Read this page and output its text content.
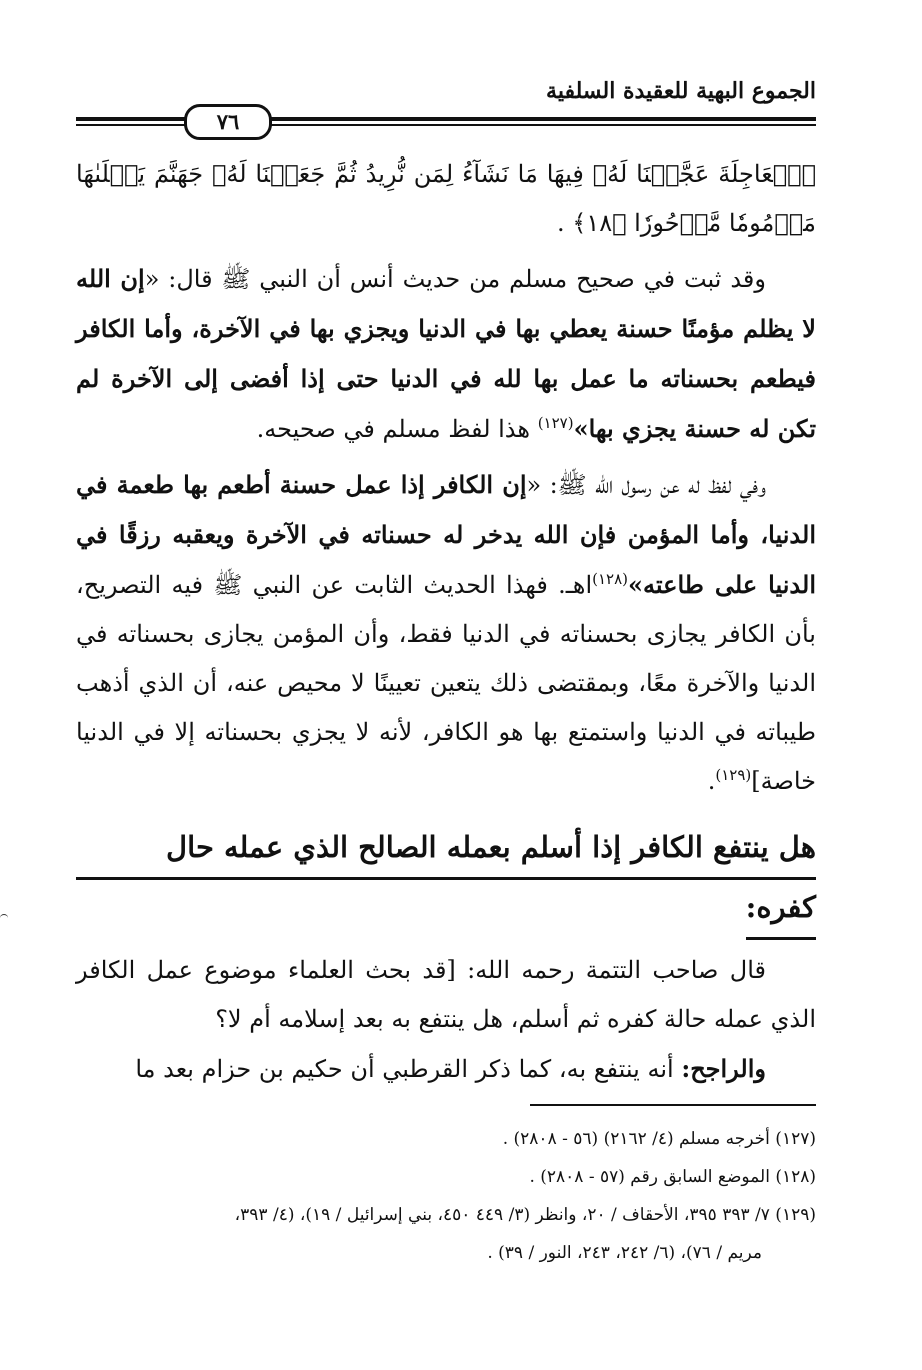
الجموع البهية للعقيدة السلفية
٧٦

ٱلۡعَاجِلَةَ عَجَّلۡنَا لَهُۥ فِيهَا مَا نَشَآءُ لِمَن نُّرِيدُ ثُمَّ جَعَلۡنَا لَهُۥ جَهَنَّمَ يَصۡلَىٰهَا مَذۡمُومٗا مَّدۡحُورٗا ﴿١٨﴾ .

وقد ثبت في صحيح مسلم من حديث أنس أن النبي ﷺ قال: «إن الله لا يظلم مؤمنًا حسنة يعطي بها في الدنيا ويجزي بها في الآخرة، وأما الكافر فيطعم بحسناته ما عمل بها لله في الدنيا حتى إذا أفضى إلى الآخرة لم تكن له حسنة يجزي بها»$^{(١٢٧)}$ هذا لفظ مسلم في صحيحه.

وفي لفظ له عن رسول الله ﷺ: «إن الكافر إذا عمل حسنة أطعم بها طعمة في الدنيا، وأما المؤمن فإن الله يدخر له حسناته في الآخرة ويعقبه رزقًا في الدنيا على طاعته»$^{(١٢٨)}$اهـ. فهذا الحديث الثابت عن النبي ﷺ فيه التصريح، بأن الكافر يجازى بحسناته في الدنيا فقط، وأن المؤمن يجازى بحسناته في الدنيا والآخرة معًا، وبمقتضى ذلك يتعين تعيينًا لا محيص عنه، أن الذي أذهب طيباته في الدنيا واستمتع بها هو الكافر، لأنه لا يجزي بحسناته إلا في الدنيا خاصة]$^{(١٢٩)}$.

هل ينتفع الكافر إذا أسلم بعمله الصالح الذي عمله حال
كفره:

قال صاحب التتمة رحمه الله: [قد بحث العلماء موضوع عمل الكافر الذي عمله حالة كفره ثم أسلم، هل ينتفع به بعد إسلامه أم لا؟

والراجح: أنه ينتفع به، كما ذكر القرطبي أن حكيم بن حزام بعد ما

(١٢٧) أخرجه مسلم (٤/ ٢١٦٢) (٥٦ - ٢٨٠٨) .

(١٢٨) الموضع السابق رقم (٥٧ - ٢٨٠٨) .

(١٢٩) ٧/ ٣٩٣ ٣٩٥، الأحقاف / ٢٠، وانظر (٣/ ٤٤٩ ٤٥٠، بني إسرائيل / ١٩)، (٤/ ٣٩٣،

مريم / ٧٦)، (٦/ ٢٤٢، ٢٤٣، النور / ٣٩) .
